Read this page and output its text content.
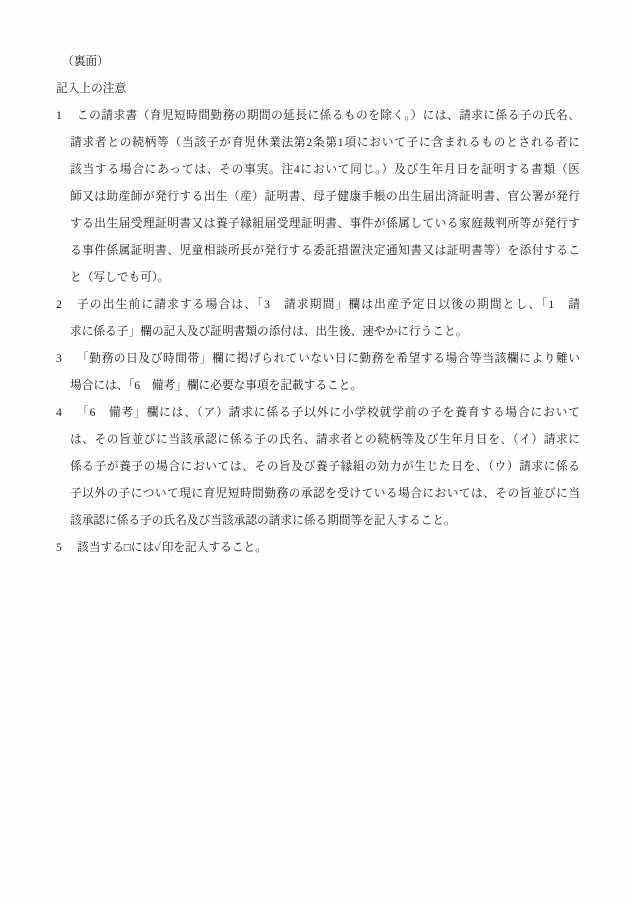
（裏面）
記入上の注意
1	この請求書（育児短時間勤務の期間の延長に係るものを除く。）には、請求に係る子の氏名、
請求者との続柄等（当該子が育児休業法第2条第1項において子に含まれるものとされる者に
該当する場合にあっては、その事実。注4において同じ。）及び生年月日を証明する書類（医
師又は助産師が発行する出生（産）証明書、母子健康手帳の出生届出済証明書、官公署が発行
する出生届受理証明書又は養子縁組届受理証明書、事件が係属している家庭裁判所等が発行す
る事件係属証明書、児童相談所長が発行する委託措置決定通知書又は証明書等）を添付するこ
と（写しでも可）。
2	子の出生前に請求する場合は、「3　請求期間」欄は出産予定日以後の期間とし、「1　請
求に係る子」欄の記入及び証明書類の添付は、出生後、速やかに行うこと。
3	「勤務の日及び時間帯」欄に掲げられていない日に勤務を希望する場合等当該欄により難い
場合には、「6　備考」欄に必要な事項を記載すること。
4	「6　備考」欄には、（ア）請求に係る子以外に小学校就学前の子を養育する場合において
は、その旨並びに当該承認に係る子の氏名、請求者との続柄等及び生年月日を、（イ）請求に
係る子が養子の場合においては、その旨及び養子縁組の効力が生じた日を、（ウ）請求に係る
子以外の子について現に育児短時間勤務の承認を受けている場合においては、その旨並びに当
該承認に係る子の氏名及び当該承認の請求に係る期間等を記入すること。
5	該当する□には✓印を記入すること。
